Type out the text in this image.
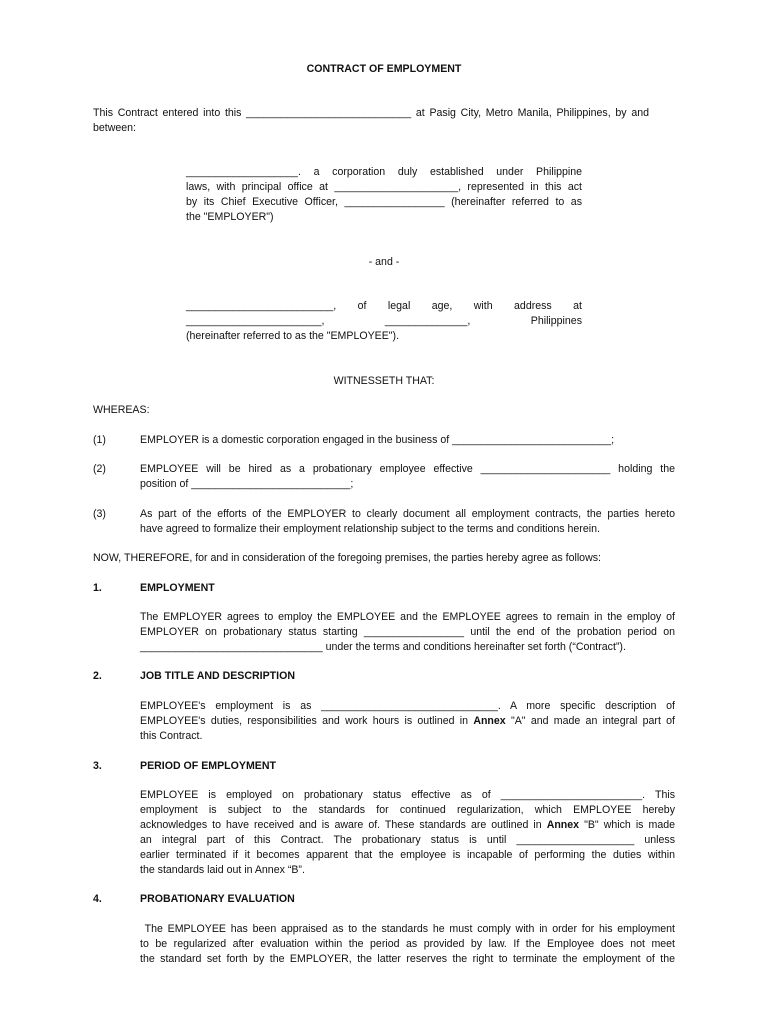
CONTRACT OF EMPLOYMENT

This Contract entered into this ____________________________ at Pasig City, Metro Manila, Philippines, by and

between:

___________________. a corporation duly established under Philippine

laws, with principal office at _____________________, represented in this act

by its Chief Executive Officer, _________________ (hereinafter referred to as

the "EMPLOYER")

- and -

_________________________, of legal age, with address at

_______________________, ______________, Philippines

(hereinafter referred to as the "EMPLOYEE").

WITNESSETH THAT:

WHEREAS:

(1)	EMPLOYER is a domestic corporation engaged in the business of ___________________________;

(2)	EMPLOYEE will be hired as a probationary employee effective ______________________ holding the

position of ___________________________;

(3)	As part of the efforts of the EMPLOYER to clearly document all employment contracts, the parties hereto

have agreed to formalize their employment relationship subject to the terms and conditions herein.

NOW, THEREFORE, for and in consideration of the foregoing premises, the parties hereby agree as follows:

1.	EMPLOYMENT

The EMPLOYER agrees to employ the EMPLOYEE and the EMPLOYEE agrees to remain in the employ of

EMPLOYER on probationary status starting _________________ until the end of the probation period on

_______________________________ under the terms and conditions hereinafter set forth (“Contract”).

2.	JOB TITLE AND DESCRIPTION

EMPLOYEE's employment is as ______________________________. A more specific description of

EMPLOYEE's duties, responsibilities and work hours is outlined in Annex "A" and made an integral part of

this Contract.

3.	PERIOD OF EMPLOYMENT

EMPLOYEE is employed on probationary status effective as of ________________________. This

employment is subject to the standards for continued regularization, which EMPLOYEE hereby

acknowledges to have received and is aware of. These standards are outlined in Annex "B" which is made

an integral part of this Contract. The probationary status is until ____________________ unless

earlier terminated if it becomes apparent that the employee is incapable of performing the duties within

the standards laid out in Annex “B”.

4.	PROBATIONARY EVALUATION

The EMPLOYEE has been appraised as to the standards he must comply with in order for his employment

to be regularized after evaluation within the period as provided by law. If the Employee does not meet

the standard set forth by the EMPLOYER, the latter reserves the right to terminate the employment of the
